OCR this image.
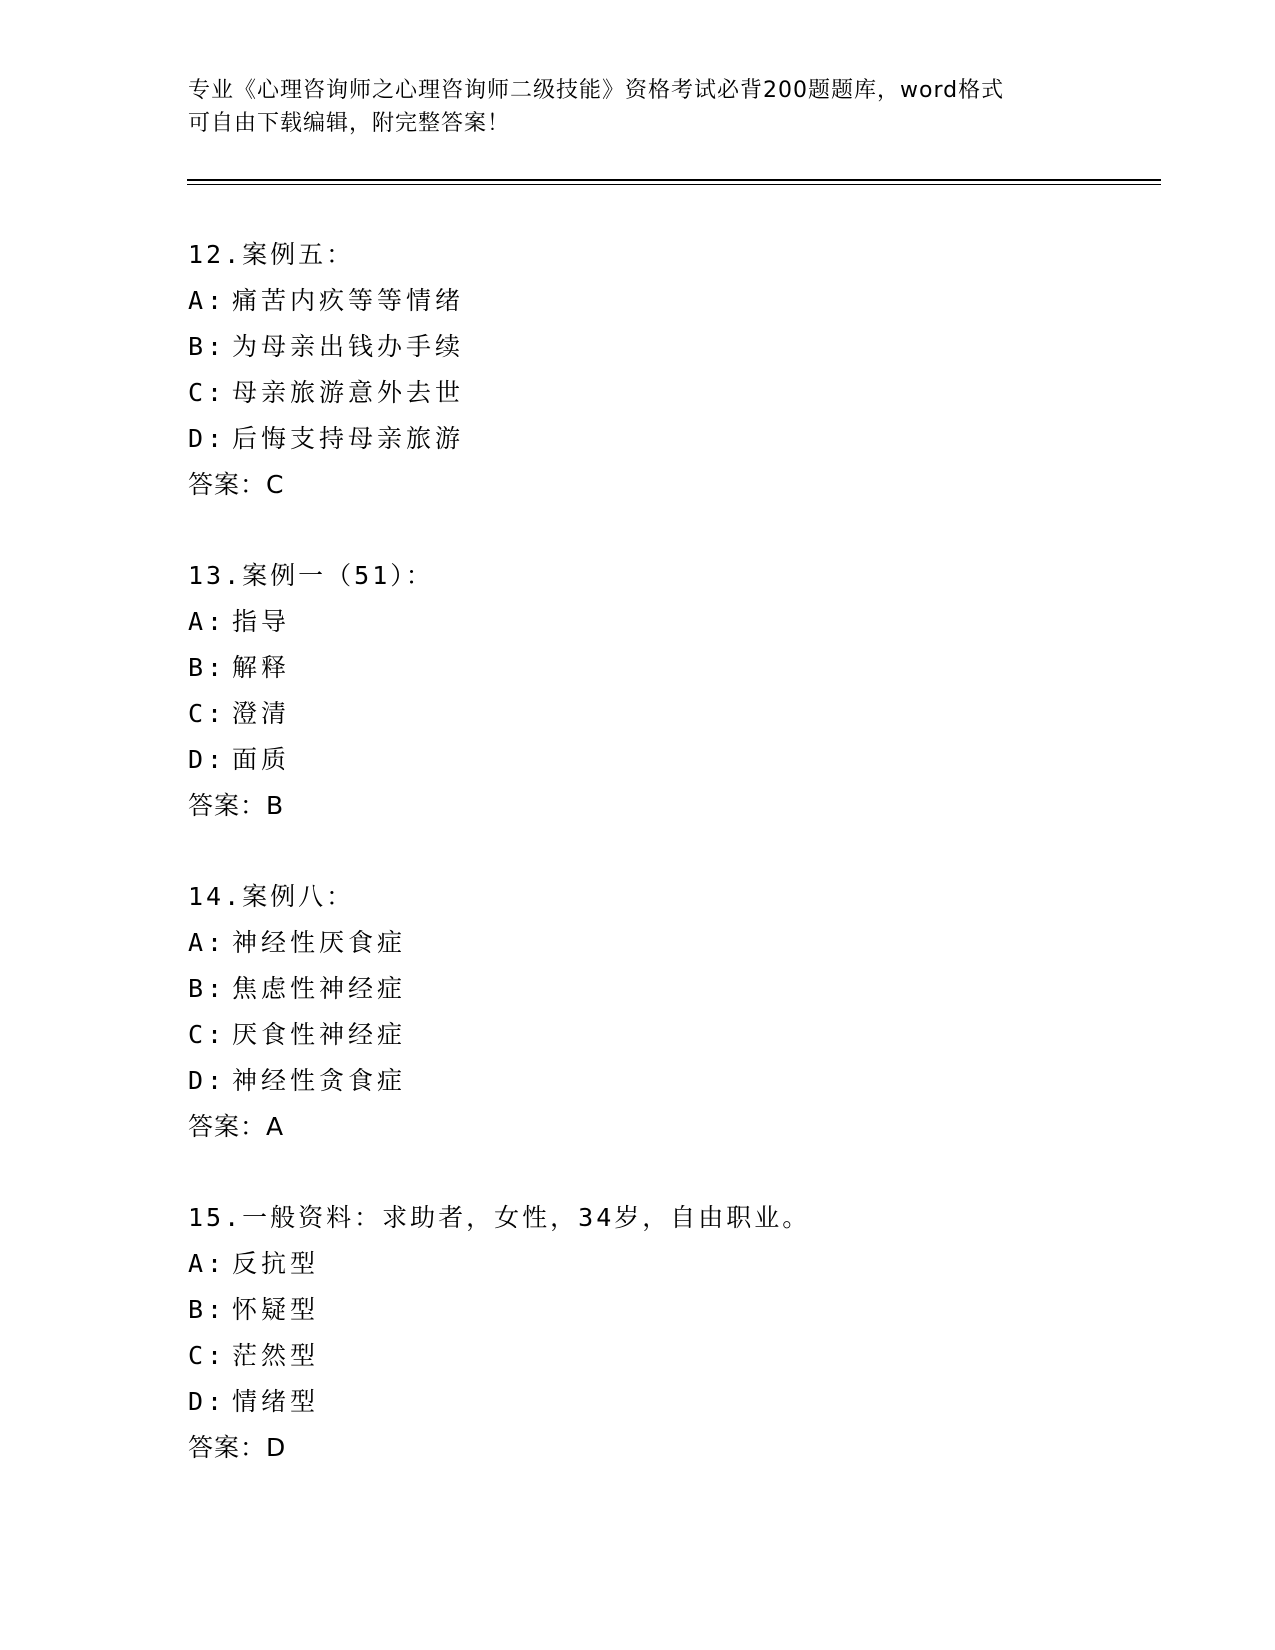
专业《心理咨询师之心理咨询师二级技能》资格考试必背200题题库，word格式
可自由下载编辑，附完整答案！
12.案例五：
A: 痛苦内疚等等情绪
B: 为母亲出钱办手续
C: 母亲旅游意外去世
D: 后悔支持母亲旅游
答案：C
13.案例一（51）：
A: 指导
B: 解释
C: 澄清
D: 面质
答案：B
14.案例八：
A: 神经性厌食症
B: 焦虑性神经症
C: 厌食性神经症
D: 神经性贪食症
答案：A
15.一般资料：求助者，女性，34岁，自由职业。
A: 反抗型
B: 怀疑型
C: 茫然型
D: 情绪型
答案：D
